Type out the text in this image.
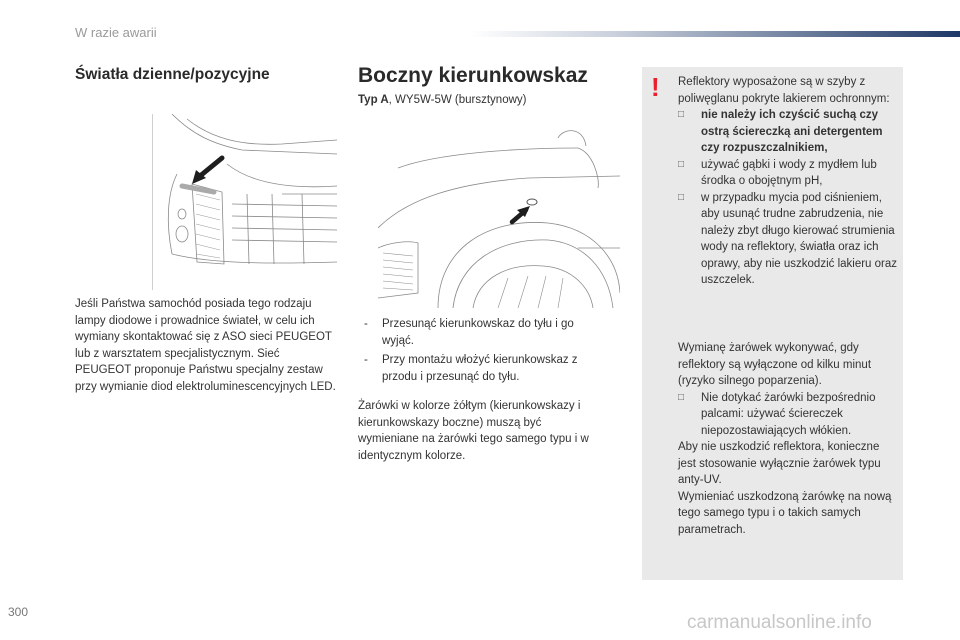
W razie awarii
Światła dzienne/pozycyjne
Jeśli Państwa samochód posiada tego rodzaju lampy diodowe i prowadnice świateł, w celu ich wymiany skontaktować się z ASO sieci PEUGEOT lub z warsztatem specjalistycznym. Sieć PEUGEOT proponuje Państwu specjalny zestaw przy wymianie diod elektroluminescencyjnych LED.
Boczny kierunkowskaz
Typ A, WY5W-5W (bursztynowy)
- Przesunąć kierunkowskaz do tyłu i go wyjąć.
- Przy montażu włożyć kierunkowskaz z przodu i przesunąć do tyłu.
Żarówki w kolorze żółtym (kierunkowskazy i kierunkowskazy boczne) muszą być wymieniane na żarówki tego samego typu i w identycznym kolorze.
! Reflektory wyposażone są w szyby z poliwęglanu pokryte lakierem ochronnym:
□ nie należy ich czyścić suchą czy ostrą ściereczką ani detergentem czy rozpuszczalnikiem,
□ używać gąbki i wody z mydłem lub środka o obojętnym pH,
□ w przypadku mycia pod ciśnieniem, aby usunąć trudne zabrudzenia, nie należy zbyt długo kierować strumienia wody na reflektory, światła oraz ich oprawy, aby nie uszkodzić lakieru oraz uszczelek.
Wymianę żarówek wykonywać, gdy reflektory są wyłączone od kilku minut (ryzyko silnego poparzenia).
□ Nie dotykać żarówki bezpośrednio palcami: używać ściereczek niepozostawiających włókien.
Aby nie uszkodzić reflektora, konieczne jest stosowanie wyłącznie żarówek typu anty-UV.
Wymieniać uszkodzoną żarówkę na nową tego samego typu i o takich samych parametrach.
300	carmanualsonline.info
